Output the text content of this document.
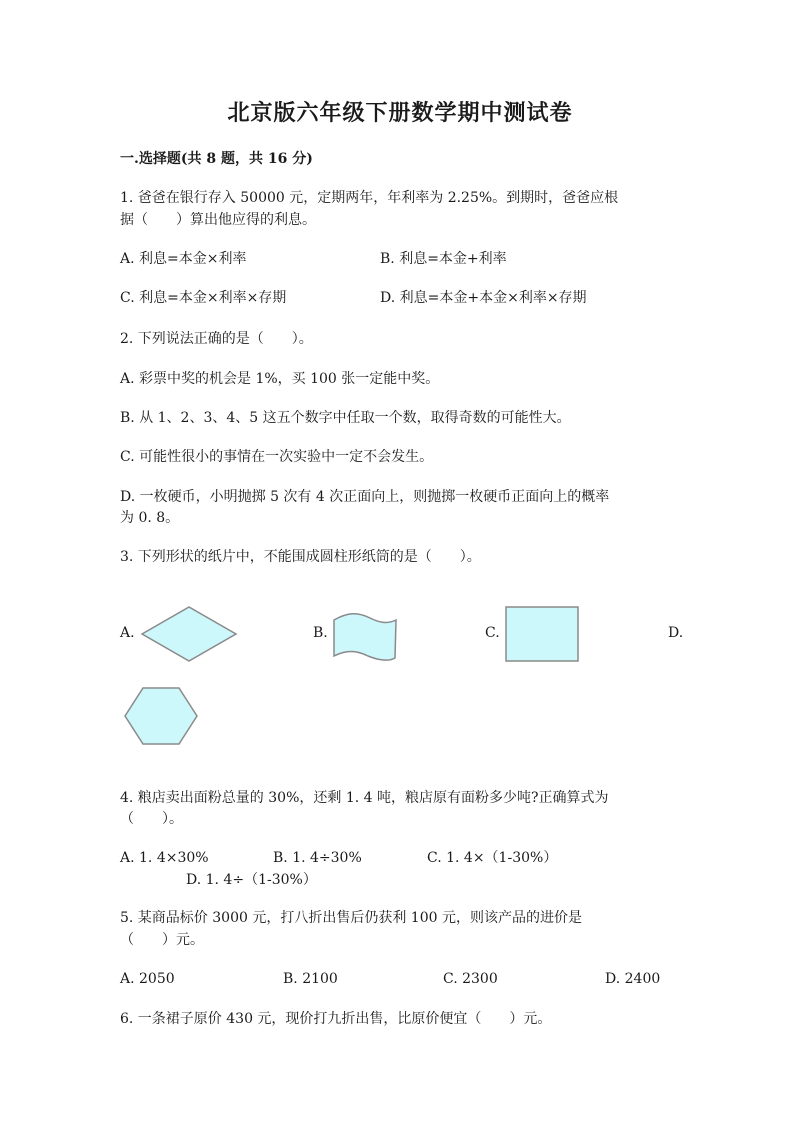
北京版六年级下册数学期中测试卷
一.选择题(共 8 题，共 16 分)
1. 爸爸在银行存入 50000 元，定期两年，年利率为 2.25%。到期时，爸爸应根
据（　　）算出他应得的利息。
A. 利息=本金×利率	B. 利息=本金+利率
C. 利息=本金×利率×存期	D. 利息=本金+本金×利率×存期
2. 下列说法正确的是（　　）。
A. 彩票中奖的机会是 1%，买 100 张一定能中奖。
B. 从 1、2、3、4、5 这五个数字中任取一个数，取得奇数的可能性大。
C. 可能性很小的事情在一次实验中一定不会发生。
D. 一枚硬币，小明抛掷 5 次有 4 次正面向上，则抛掷一枚硬币正面向上的概率
为 0. 8。
3. 下列形状的纸片中，不能围成圆柱形纸筒的是（　　）。
A.	B.	C.	D.
4. 粮店卖出面粉总量的 30%，还剩 1. 4 吨，粮店原有面粉多少吨?正确算式为
（　　）。
A. 1. 4×30%	B. 1. 4÷30%	C. 1. 4×（1-30%）
D. 1. 4÷（1-30%）
5. 某商品标价 3000 元，打八折出售后仍获利 100 元，则该产品的进价是
（　　）元。
A. 2050	B. 2100	C. 2300	D. 2400
6. 一条裙子原价 430 元，现价打九折出售，比原价便宜（　　）元。
